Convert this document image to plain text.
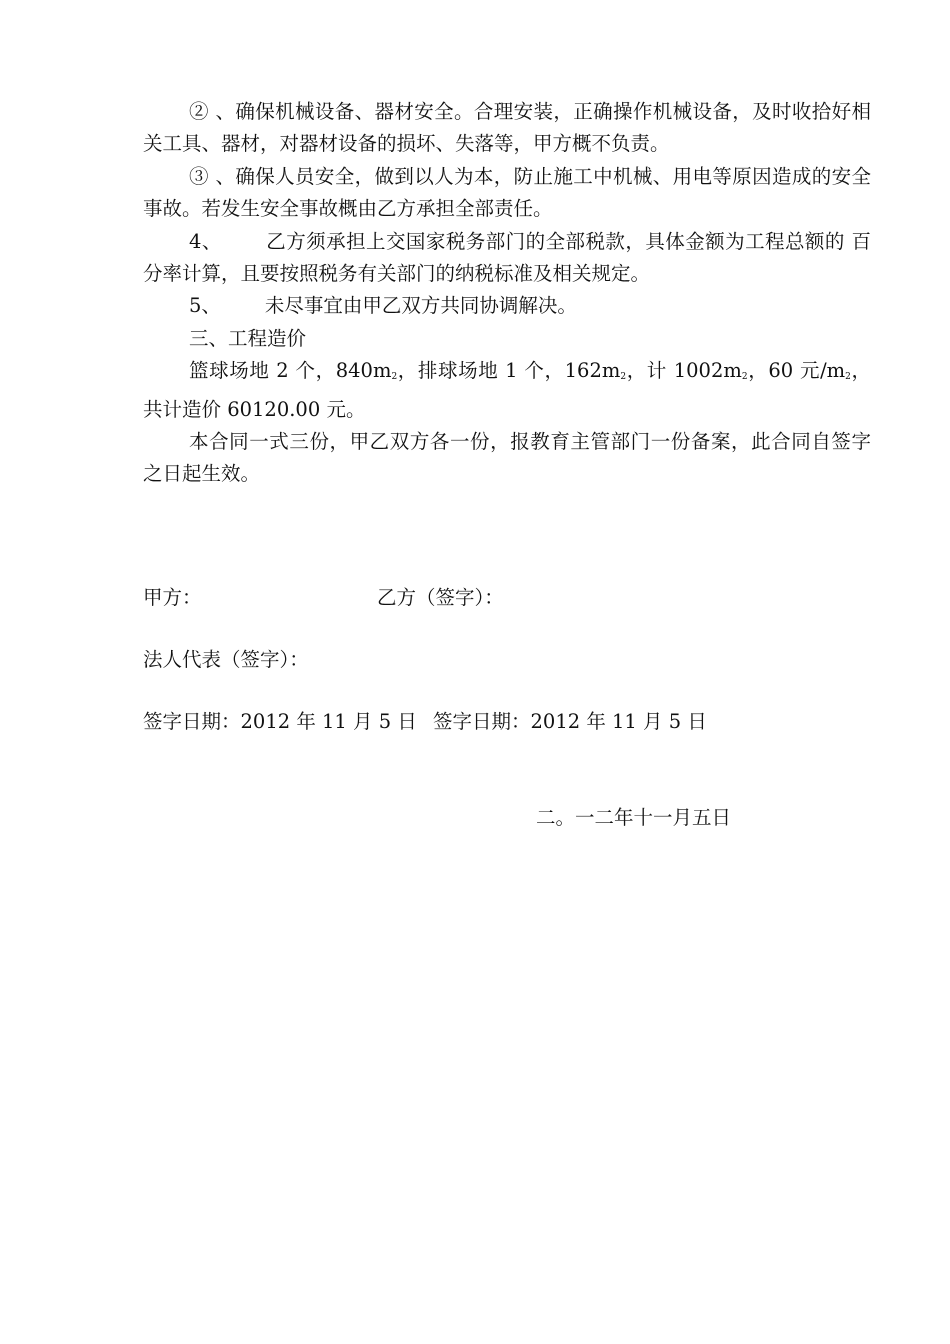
② 、确保机械设备、器材安全。合理安装，正确操作机械设备，及时收拾好相关工具、器材，对器材设备的损坏、失落等，甲方概不负责。

③ 、确保人员安全，做到以人为本，防止施工中机械、用电等原因造成的安全事故。若发生安全事故概由乙方承担全部责任。

4、 乙方须承担上交国家税务部门的全部税款，具体金额为工程总额的 百分率计算，且要按照税务有关部门的纳税标准及相关规定。

5、 未尽事宜由甲乙双方共同协调解决。

三、工程造价

篮球场地 2 个，$840m_2$，排球场地 1 个，$162m_2$，计 $1002m_2$，60 元$/m_2$，共计造价 60120.00 元。

本合同一式三份，甲乙双方各一份，报教育主管部门一份备案，此合同自签字之日起生效。

甲方：	乙方（签字）：
法人代表（签字）：
签字日期：2012 年 11 月 5 日 签字日期：2012 年 11 月 5 日
二。一二年十一月五日
